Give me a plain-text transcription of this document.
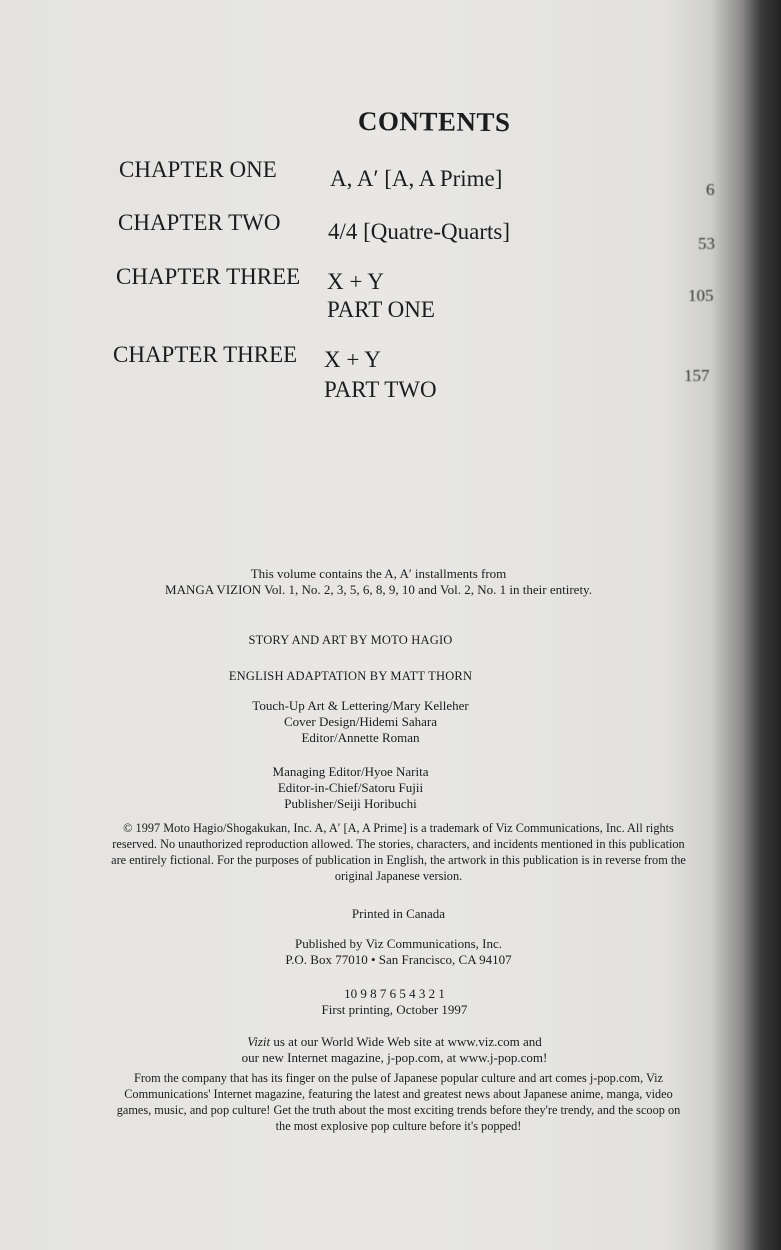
CONTENTS
CHAPTER ONE A, A′ [A, A Prime]	6
CHAPTER TWO 4/4 [Quatre-Quarts]	53
CHAPTER THREE X + Y
PART ONE
105
CHAPTER THREE X + Y
PART TWO
157
This volume contains the A, A′ installments from
MANGA VIZION Vol. 1, No. 2, 3, 5, 6, 8, 9, 10 and Vol. 2, No. 1 in their entirety.
STORY AND ART BY MOTO HAGIO
ENGLISH ADAPTATION BY MATT THORN
Touch-Up Art & Lettering/Mary Kelleher
Cover Design/Hidemi Sahara
Editor/Annette Roman
Managing Editor/Hyoe Narita
Editor-in-Chief/Satoru Fujii
Publisher/Seiji Horibuchi
© 1997 Moto Hagio/Shogakukan, Inc. A, A′ [A, A Prime] is a trademark of Viz Communications, Inc. All rights
reserved. No unauthorized reproduction allowed. The stories, characters, and incidents mentioned in this publication
are entirely fictional. For the purposes of publication in English, the artwork in this publication is in reverse from the
original Japanese version.
Printed in Canada
Published by Viz Communications, Inc.
P.O. Box 77010 • San Francisco, CA 94107
10 9 8 7 6 5 4 3 2 1
First printing, October 1997
Vizit us at our World Wide Web site at www.viz.com and
our new Internet magazine, j-pop.com, at www.j-pop.com!
From the company that has its finger on the pulse of Japanese popular culture and art comes j-pop.com, Viz
Communications' Internet magazine, featuring the latest and greatest news about Japanese anime, manga, video
games, music, and pop culture! Get the truth about the most exciting trends before they're trendy, and the scoop on
the most explosive pop culture before it's popped!
